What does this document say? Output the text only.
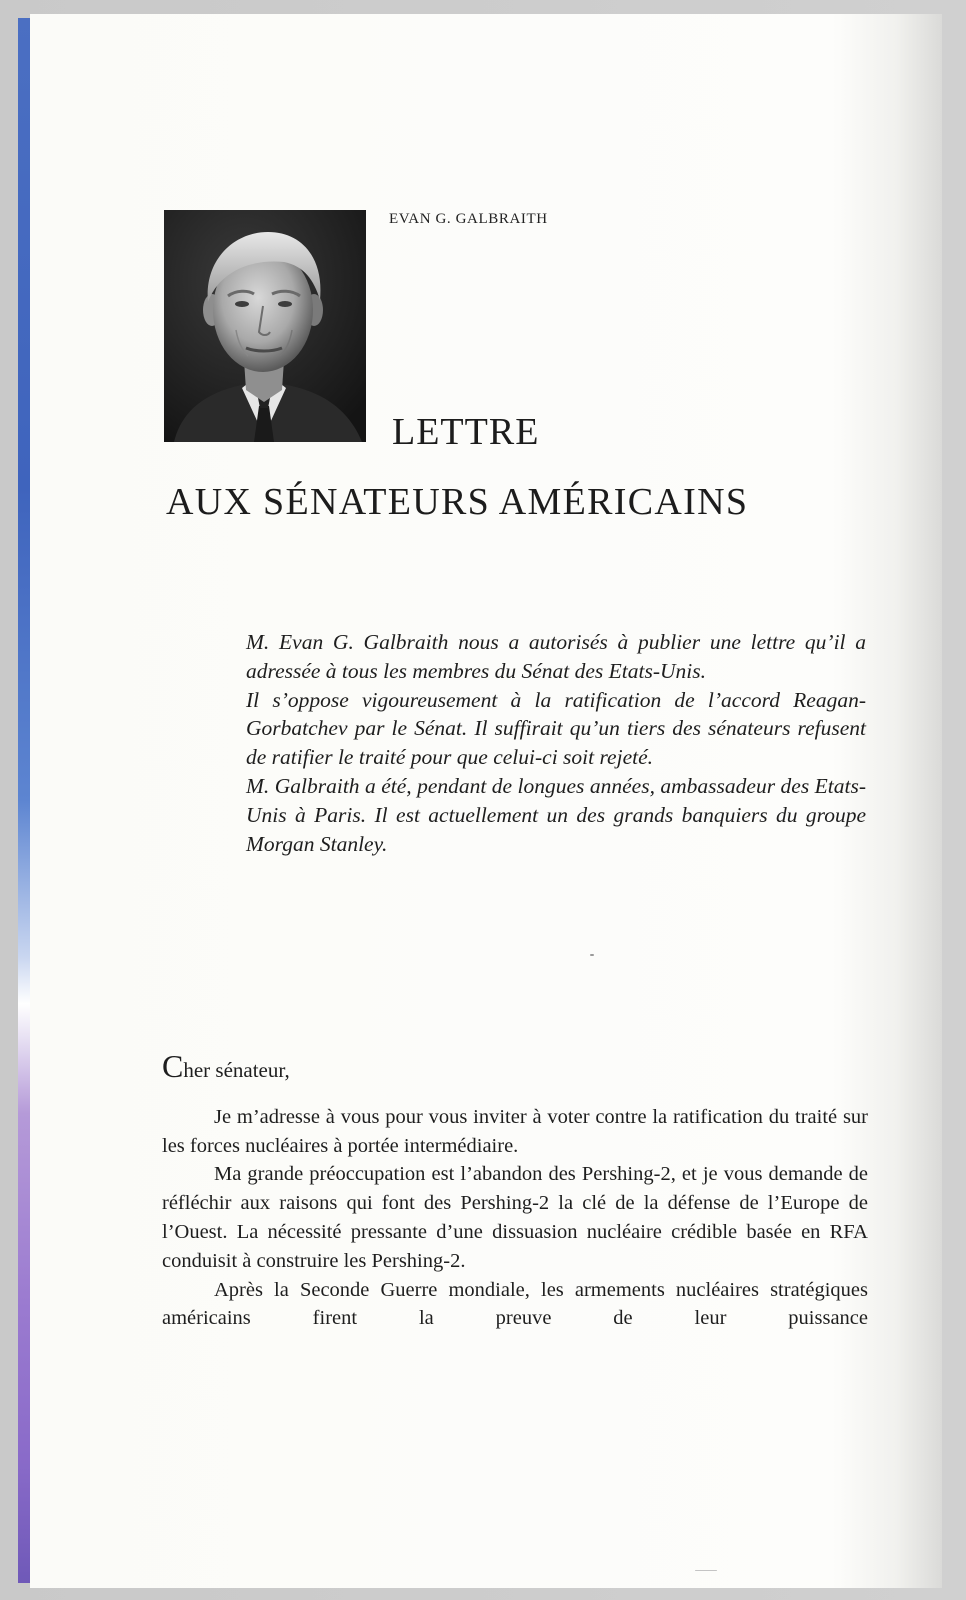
EVAN G. GALBRAITH

LETTRE
AUX SÉNATEURS AMÉRICAINS

M. Evan G. Galbraith nous a autorisés à publier une lettre qu’il a adressée à tous les membres du Sénat des Etats-Unis.

Il s’oppose vigoureusement à la ratification de l’accord Reagan-Gorbatchev par le Sénat. Il suffirait qu’un tiers des sénateurs refusent de ratifier le traité pour que celui-ci soit rejeté.

M. Galbraith a été, pendant de longues années, ambassadeur des Etats-Unis à Paris. Il est actuellement un des grands banquiers du groupe Morgan Stanley.

Cher sénateur,

Je m’adresse à vous pour vous inviter à voter contre la ratification du traité sur les forces nucléaires à portée intermédiaire.

Ma grande préoccupation est l’abandon des Pershing-2, et je vous demande de réfléchir aux raisons qui font des Pershing-2 la clé de la défense de l’Europe de l’Ouest. La nécessité pressante d’une dissuasion nucléaire crédible basée en RFA conduisit à construire les Pershing-2.

Après la Seconde Guerre mondiale, les armements nucléaires stratégiques américains firent la preuve de leur puissance
